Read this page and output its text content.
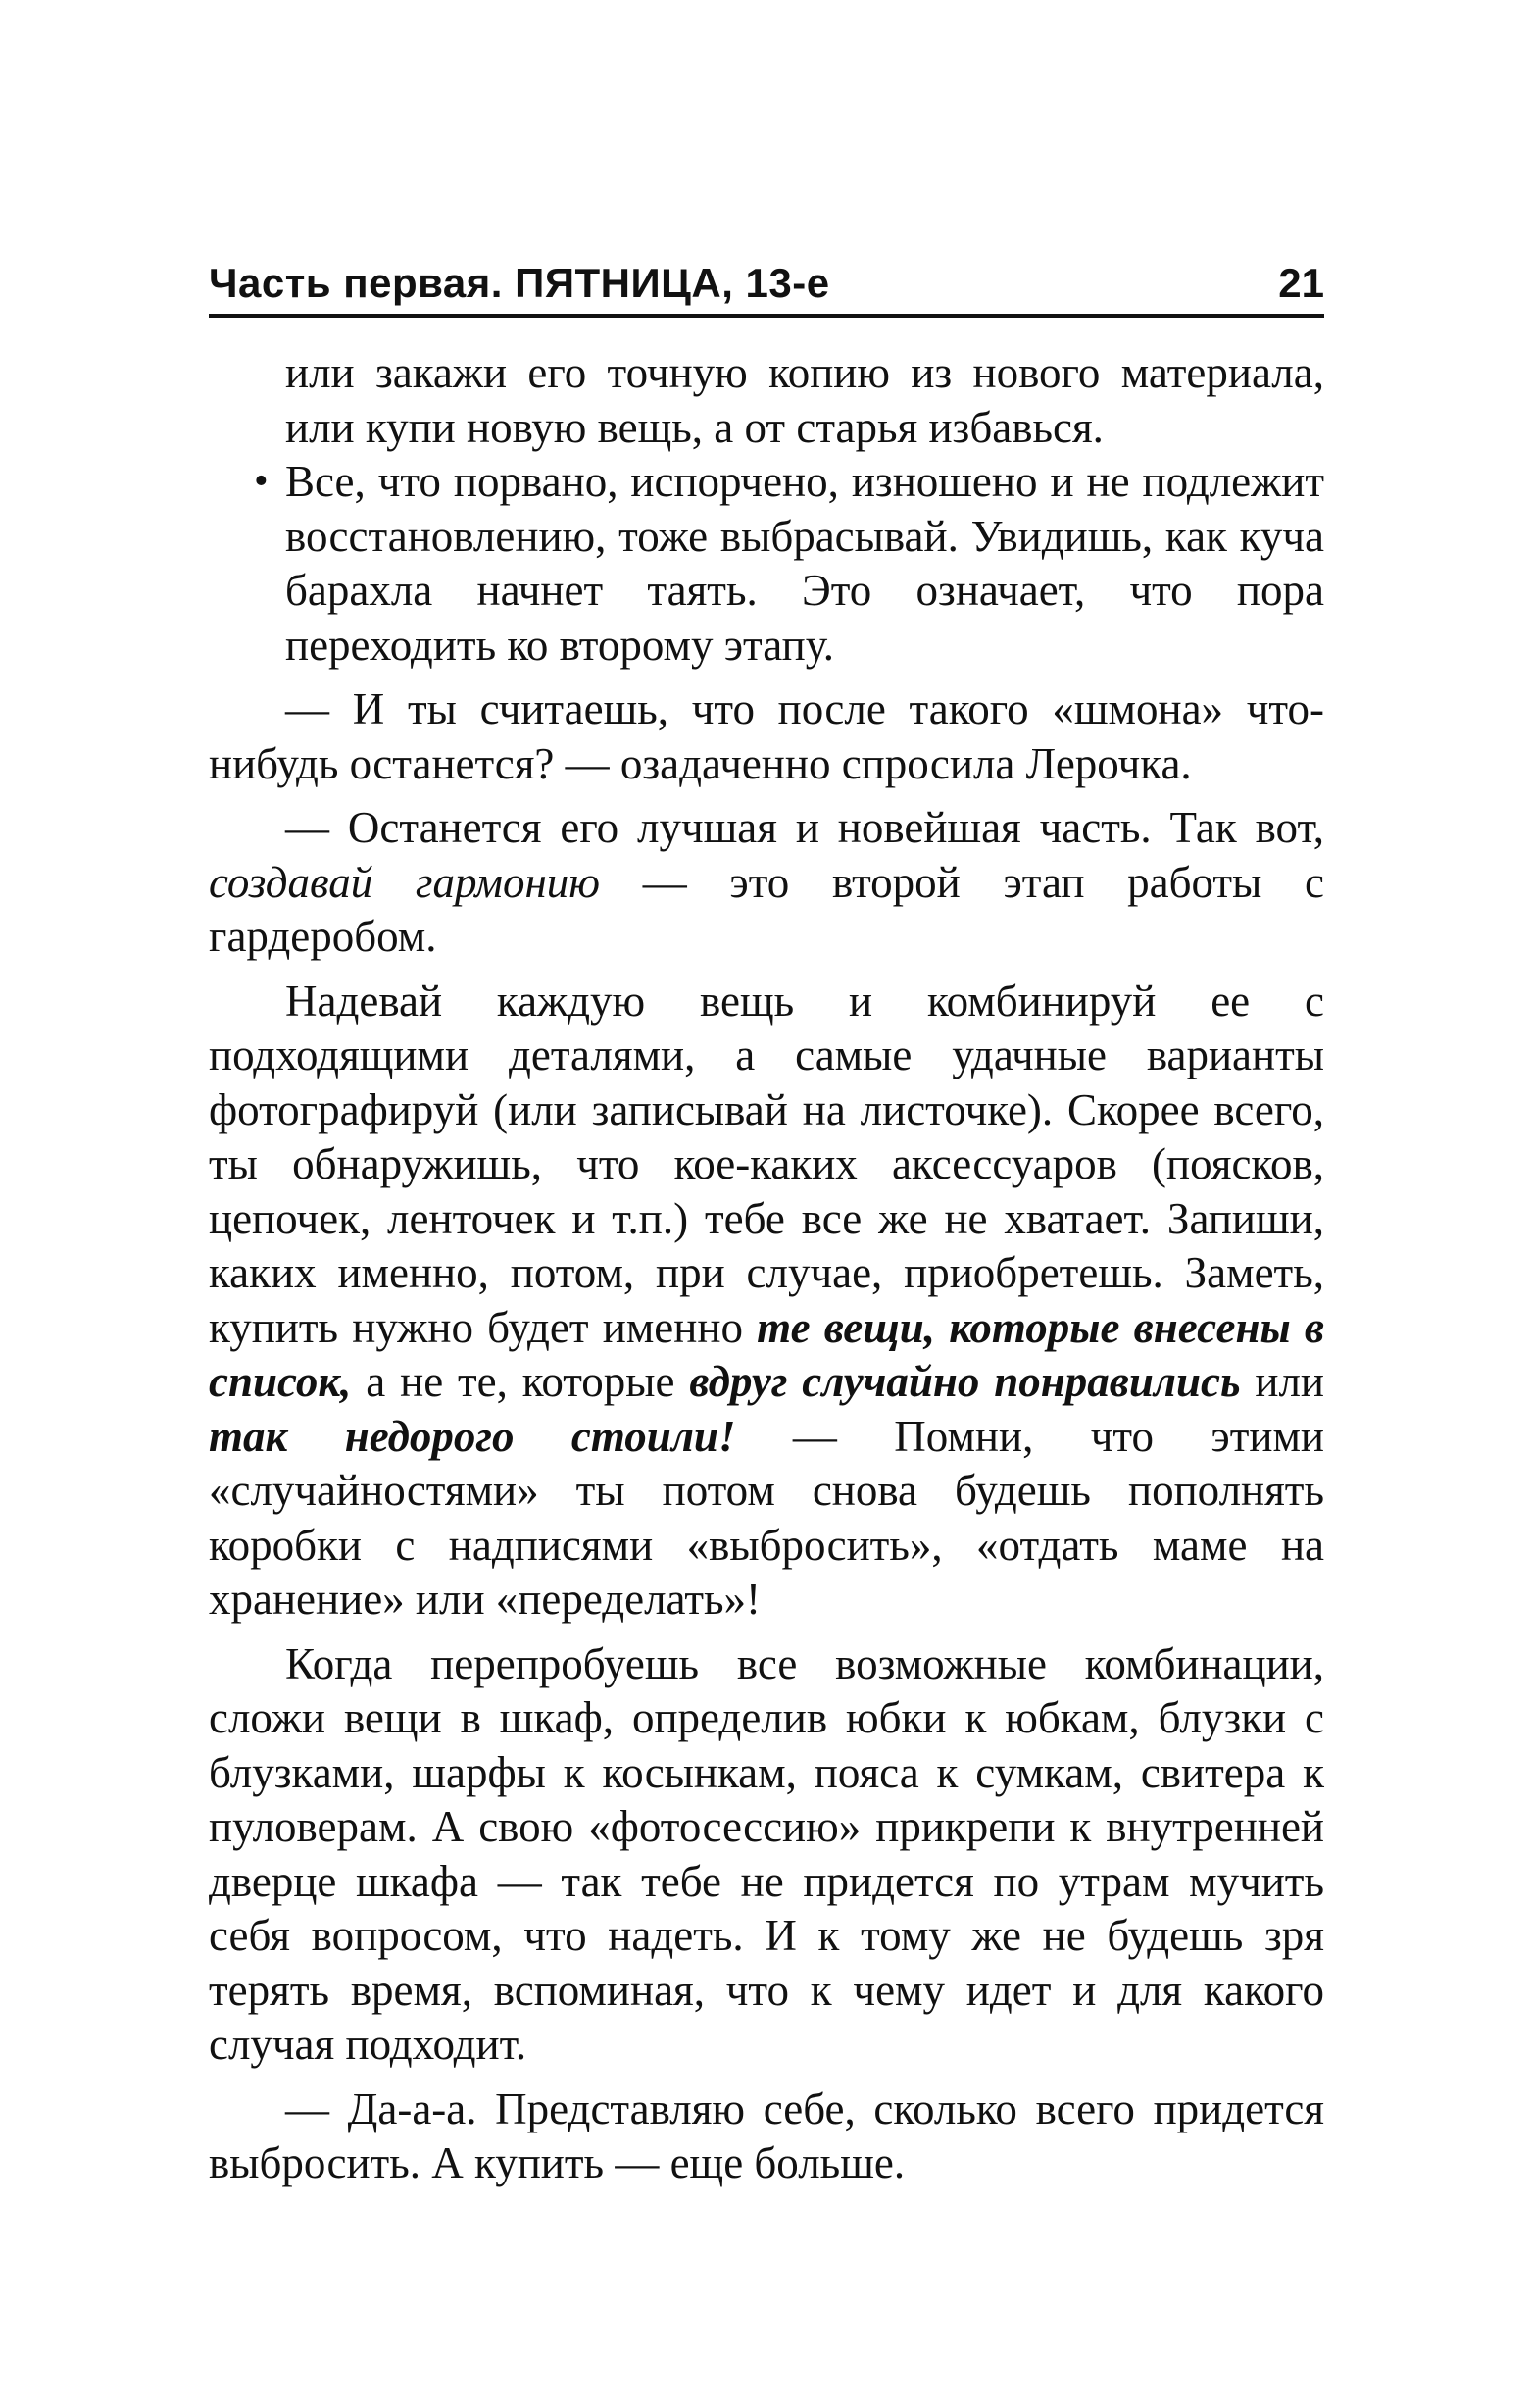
Часть первая. ПЯТНИЦА, 13-е	21

или закажи его точную копию из нового материала, или купи новую вещь, а от старья избавься.

• Все, что порвано, испорчено, изношено и не подлежит восстановлению, тоже выбрасывай. Увидишь, как куча барахла начнет таять. Это означает, что пора переходить ко второму этапу.

— И ты считаешь, что после такого «шмона» что-нибудь останется? — озадаченно спросила Лерочка.

— Останется его лучшая и новейшая часть. Так вот, создавай гармонию — это второй этап работы с гардеробом.

Надевай каждую вещь и комбинируй ее с подходящими деталями, а самые удачные варианты фотографируй (или записывай на листочке). Скорее всего, ты обнаружишь, что кое-каких аксессуаров (поясков, цепочек, ленточек и т.п.) тебе все же не хватает. Запиши, каких именно, потом, при случае, приобретешь. Заметь, купить нужно будет именно те вещи, которые внесены в список, а не те, которые вдруг случайно понравились или так недорого стоили! — Помни, что этими «случайностями» ты потом снова будешь пополнять коробки с надписями «выбросить», «отдать маме на хранение» или «переделать»!

Когда перепробуешь все возможные комбинации, сложи вещи в шкаф, определив юбки к юбкам, блузки с блузками, шарфы к косынкам, пояса к сумкам, свитера к пуловерам. А свою «фотосессию» прикрепи к внутренней дверце шкафа — так тебе не придется по утрам мучить себя вопросом, что надеть. И к тому же не будешь зря терять время, вспоминая, что к чему идет и для какого случая подходит.

— Да-а-а. Представляю себе, сколько всего придется выбросить. А купить — еще больше.
